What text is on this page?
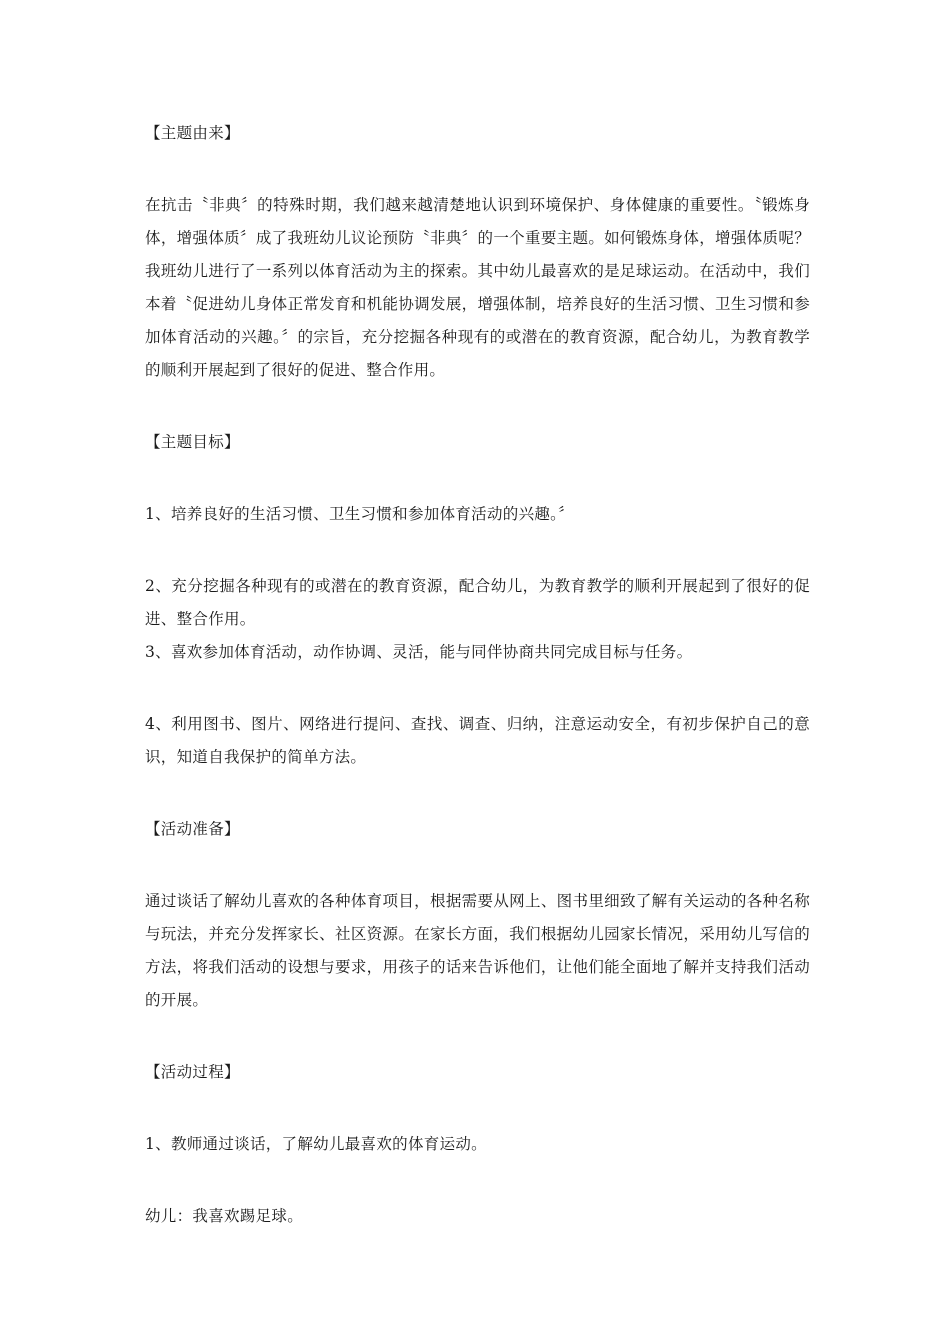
【主题由来】

在抗击〝非典〞的特殊时期，我们越来越清楚地认识到环境保护、身体健康的重要性。〝锻炼身体，增强体质〞成了我班幼儿议论预防〝非典〞的一个重要主题。如何锻炼身体，增强体质呢？我班幼儿进行了一系列以体育活动为主的探索。其中幼儿最喜欢的是足球运动。在活动中，我们本着〝促进幼儿身体正常发育和机能协调发展，增强体制，培养良好的生活习惯、卫生习惯和参加体育活动的兴趣。〞的宗旨，充分挖掘各种现有的或潜在的教育资源，配合幼儿，为教育教学的顺利开展起到了很好的促进、整合作用。

【主题目标】

1、培养良好的生活习惯、卫生习惯和参加体育活动的兴趣。〞

2、充分挖掘各种现有的或潜在的教育资源，配合幼儿，为教育教学的顺利开展起到了很好的促进、整合作用。

3、喜欢参加体育活动，动作协调、灵活，能与同伴协商共同完成目标与任务。

4、利用图书、图片、网络进行提问、查找、调查、归纳，注意运动安全，有初步保护自己的意识，知道自我保护的简单方法。

【活动准备】

通过谈话了解幼儿喜欢的各种体育项目，根据需要从网上、图书里细致了解有关运动的各种名称与玩法，并充分发挥家长、社区资源。在家长方面，我们根据幼儿园家长情况，采用幼儿写信的方法，将我们活动的设想与要求，用孩子的话来告诉他们，让他们能全面地了解并支持我们活动的开展。

【活动过程】

1、教师通过谈话，了解幼儿最喜欢的体育运动。

幼儿：我喜欢踢足球。
